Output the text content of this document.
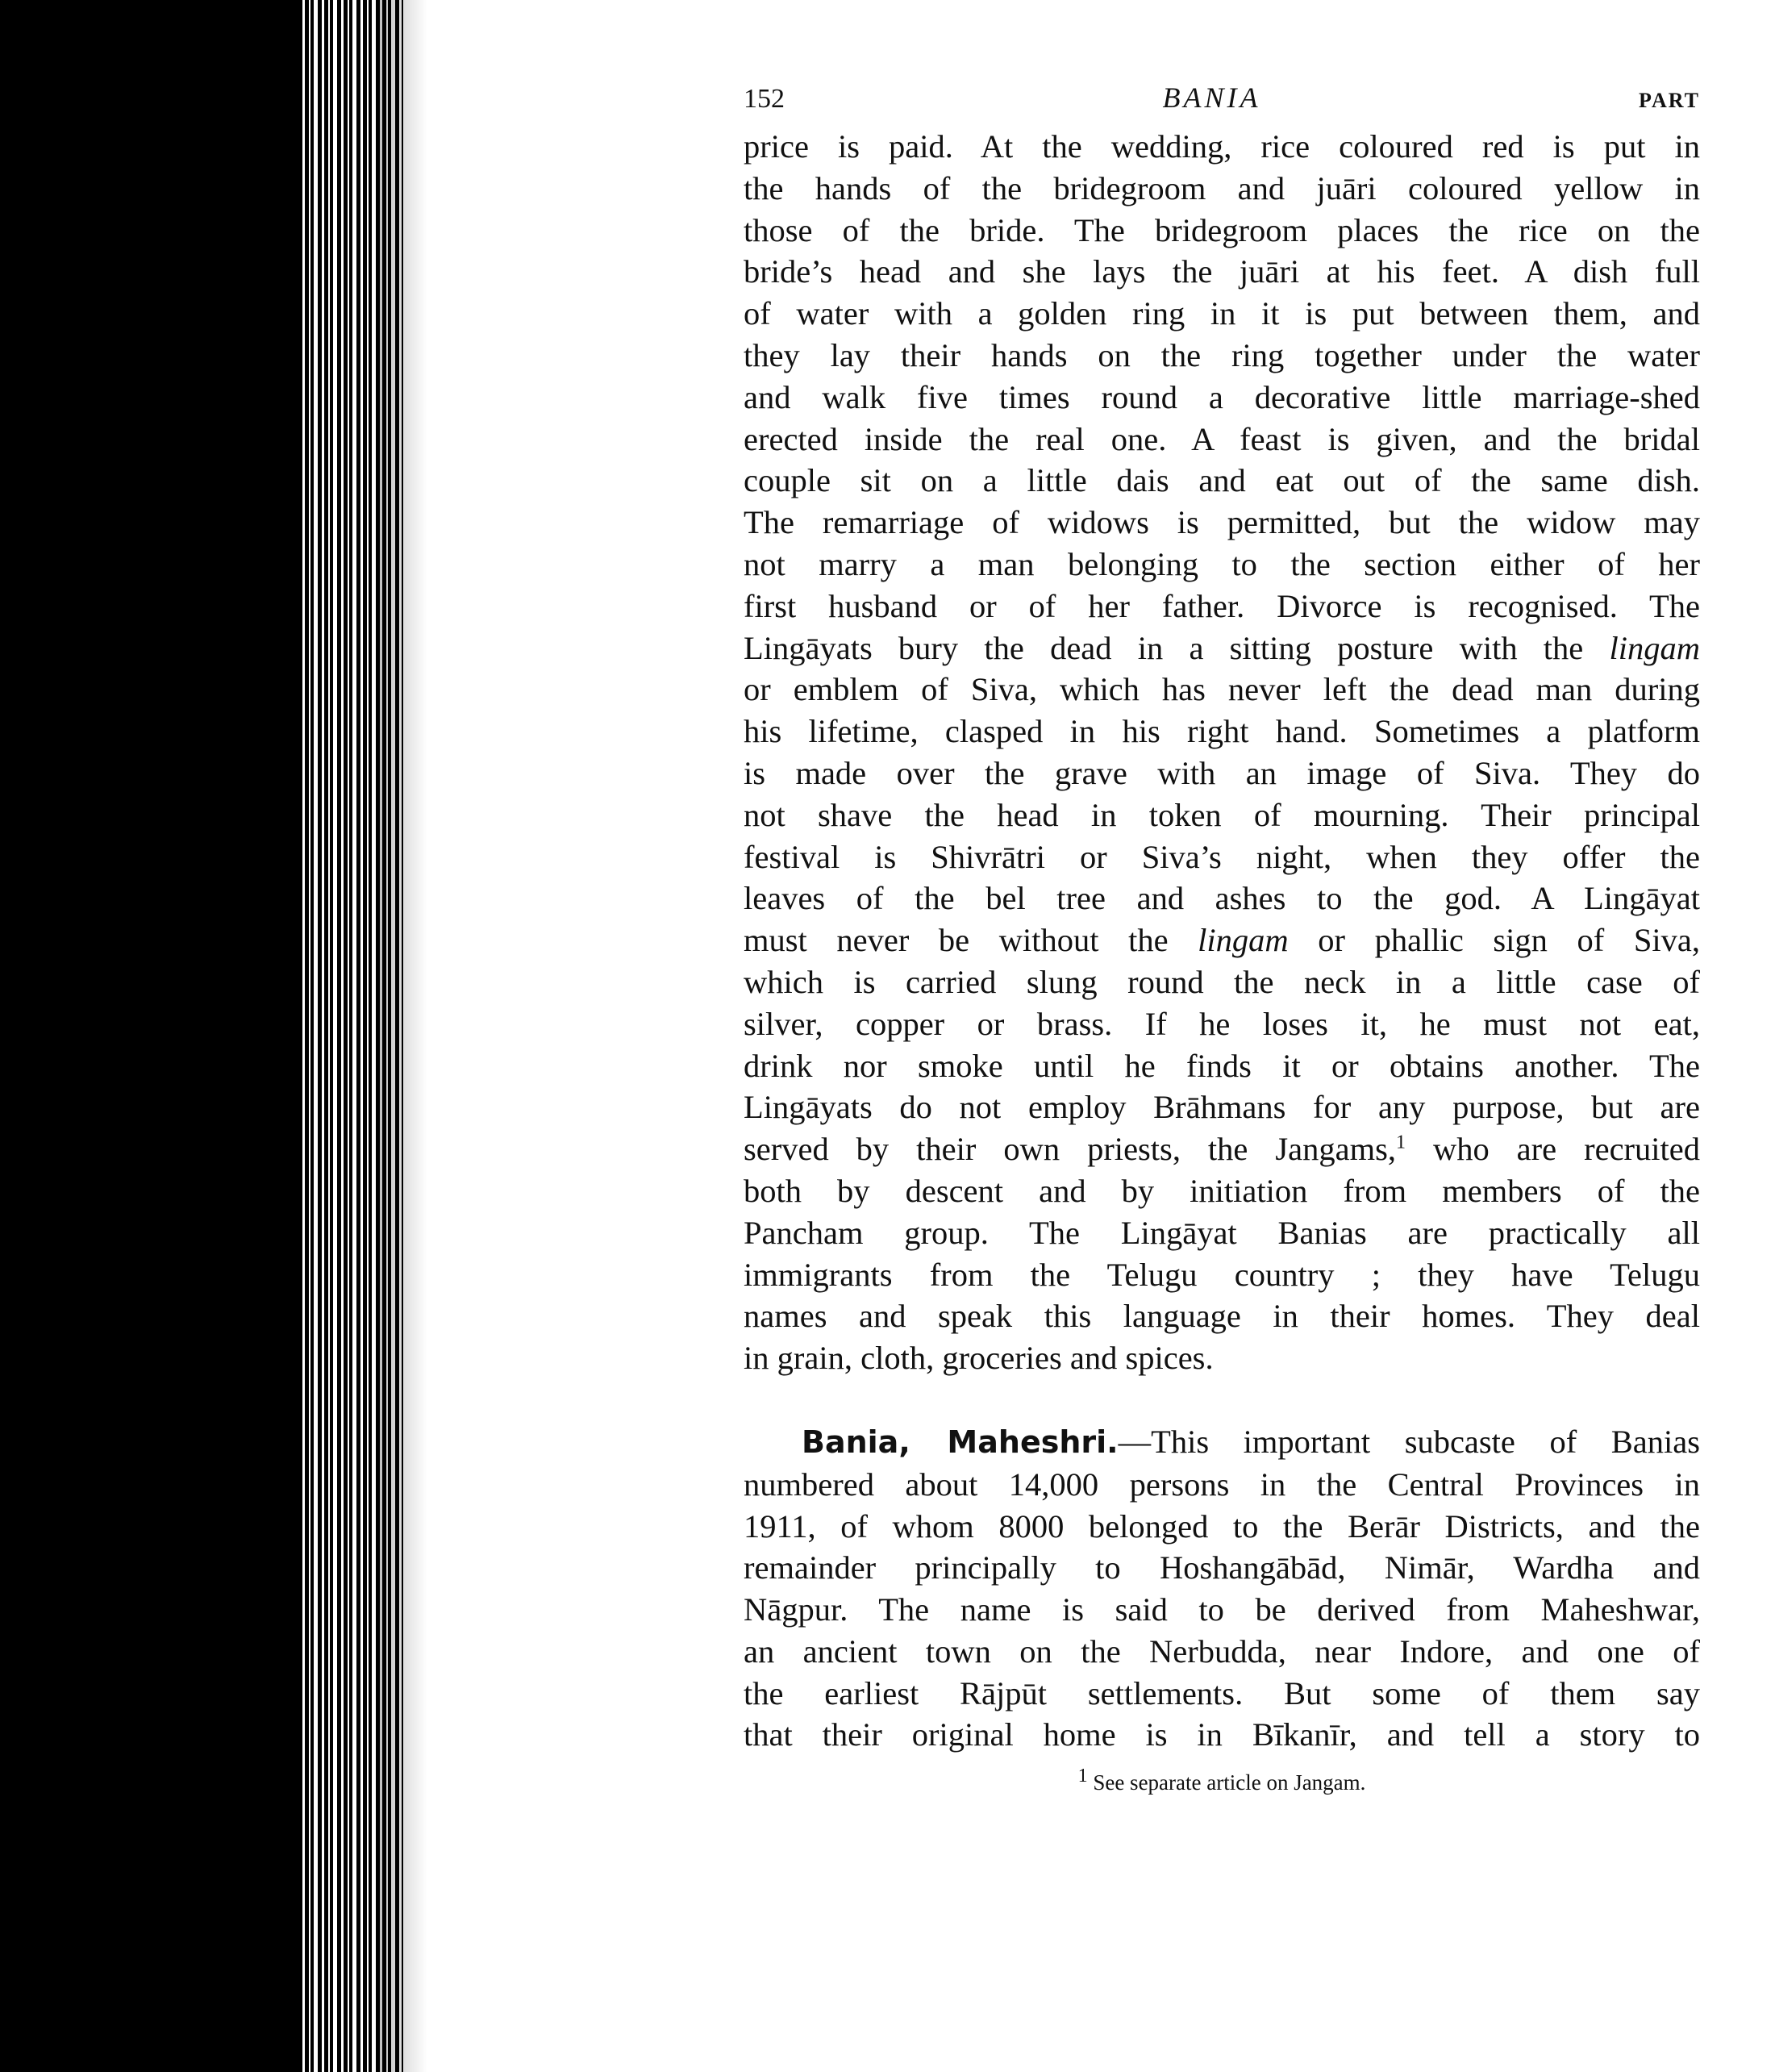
152	BANIA	PART

price is paid. At the wedding, rice coloured red is put in
the hands of the bridegroom and juāri coloured yellow in
those of the bride. The bridegroom places the rice on the
bride’s head and she lays the juāri at his feet. A dish full
of water with a golden ring in it is put between them, and
they lay their hands on the ring together under the water
and walk five times round a decorative little marriage-shed
erected inside the real one. A feast is given, and the bridal
couple sit on a little dais and eat out of the same dish.
The remarriage of widows is permitted, but the widow may
not marry a man belonging to the section either of her
first husband or of her father. Divorce is recognised. The
Lingāyats bury the dead in a sitting posture with the lingam
or emblem of Siva, which has never left the dead man during
his lifetime, clasped in his right hand. Sometimes a platform
is made over the grave with an image of Siva. They do
not shave the head in token of mourning. Their principal
festival is Shivrātri or Siva’s night, when they offer the
leaves of the bel tree and ashes to the god. A Lingāyat
must never be without the lingam or phallic sign of Siva,
which is carried slung round the neck in a little case of
silver, copper or brass. If he loses it, he must not eat,
drink nor smoke until he finds it or obtains another. The
Lingāyats do not employ Brāhmans for any purpose, but are
served by their own priests, the Jangams,$^1$ who are recruited
both by descent and by initiation from members of the
Pancham group. The Lingāyat Banias are practically all
immigrants from the Telugu country ; they have Telugu
names and speak this language in their homes. They deal
in grain, cloth, groceries and spices.

Bania, Maheshri.—This important subcaste of Banias
numbered about 14,000 persons in the Central Provinces in
1911, of whom 8000 belonged to the Berār Districts, and the
remainder principally to Hoshangābād, Nimār, Wardha and
Nāgpur. The name is said to be derived from Maheshwar,
an ancient town on the Nerbudda, near Indore, and one of
the earliest Rājpūt settlements. But some of them say
that their original home is in Bīkanīr, and tell a story to

$^1$ See separate article on Jangam.
